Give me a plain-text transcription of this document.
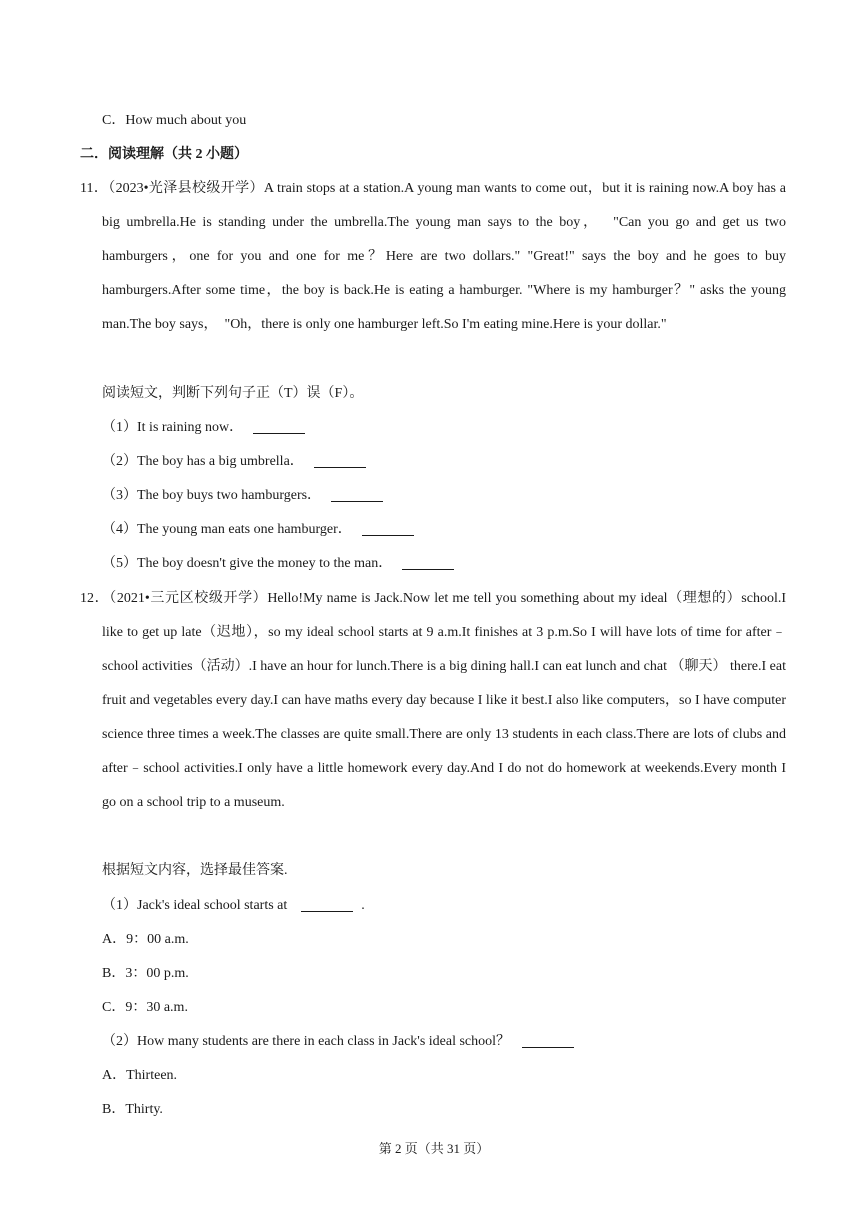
C．How much about you
二．阅读理解（共 2 小题）
11．（2023•光泽县校级开学）A train stops at a station.A young man wants to come out，but it is raining now.A boy has a big umbrella.He is standing under the umbrella.The young man says to the boy，  "Can you go and get us two hamburgers，one for you and one for me？Here are two dollars." "Great!" says the boy and he goes to buy hamburgers.After some time，the boy is back.He is eating a hamburger. "Where is my hamburger？" asks the young man.The boy says，  "Oh，there is only one hamburger left.So I'm eating mine.Here is your dollar."
阅读短文，判断下列句子正（T）误（F）。
（1）It is raining now．
（2）The boy has a big umbrella．
（3）The boy buys two hamburgers．
（4）The young man eats one hamburger．
（5）The boy doesn't give the money to the man．
12．（2021•三元区校级开学）Hello!My name is Jack.Now let me tell you something about my ideal（理想的）school.I like to get up late（迟地），so my ideal school starts at 9 a.m.It finishes at 3 p.m.So I will have lots of time for after﹣school activities（活动）.I have an hour for lunch.There is a big dining hall.I can eat lunch and chat （聊天） there.I eat fruit and vegetables every day.I can have maths every day because I like it best.I also like computers，so I have computer science three times a week.The classes are quite small.There are only 13 students in each class.There are lots of clubs and after﹣school activities.I only have a little homework every day.And I do not do homework at weekends.Every month I go on a school trip to a museum.
根据短文内容，选择最佳答案.
（1）Jack's ideal school starts at	.
A．9：00 a.m.
B．3：00 p.m.
C．9：30 a.m.
（2）How many students are there in each class in Jack's ideal school？
A．Thirteen.
B．Thirty.
第 2 页（共 31 页）
